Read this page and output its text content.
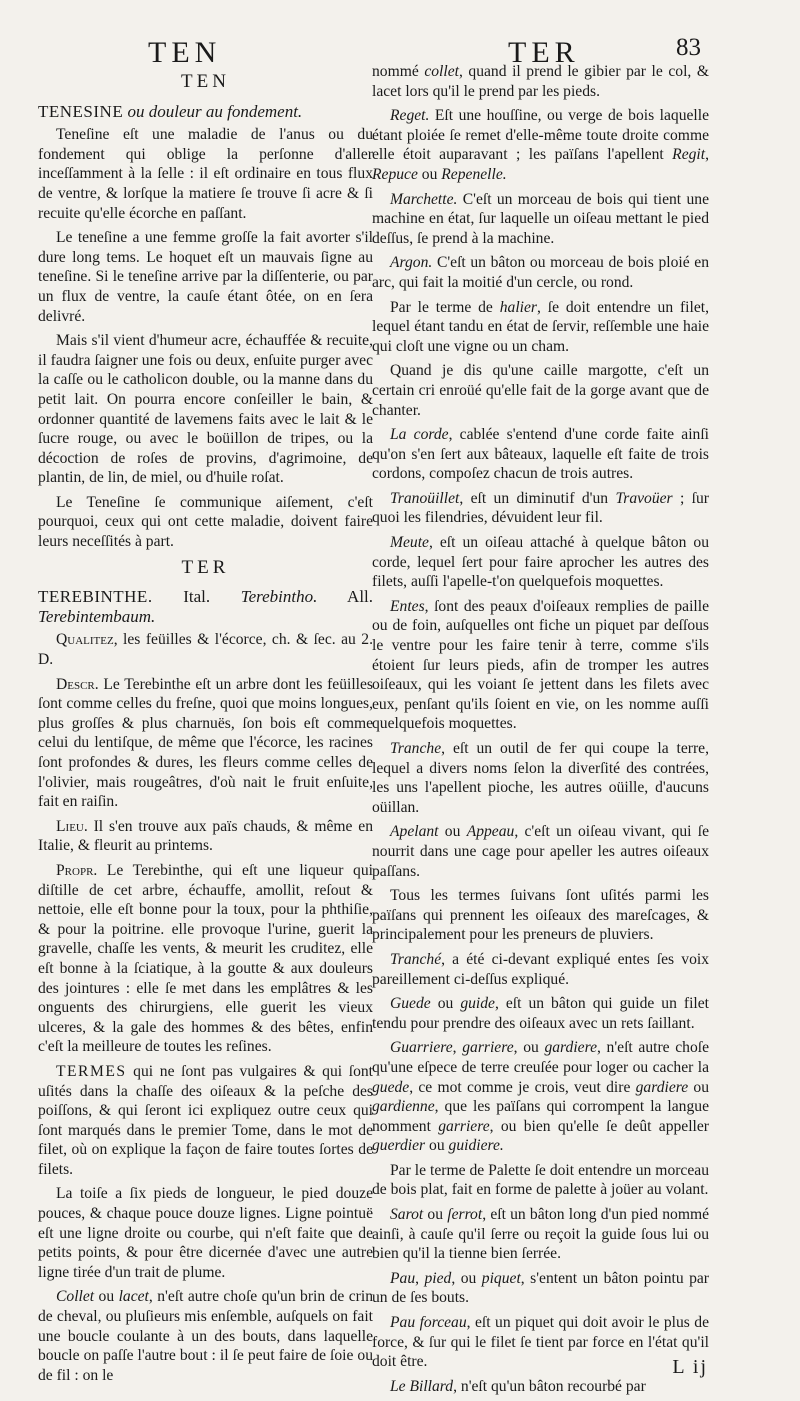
TEN	TER	83
TEN
TENESINE ou douleur au fondement.

Teneſine eſt une maladie de l'anus ou du fondement qui oblige la perſonne d'aller inceſſamment à la ſelle : il eſt ordinaire en tous flux de ventre, & lorſque la matiere ſe trouve ſi acre & ſi recuite qu'elle écorche en paſſant.

Le teneſine a une femme groſſe la fait avorter s'il dure long tems. Le hoquet eſt un mauvais ſigne au teneſine. Si le teneſine arrive par la diſſenterie, ou par un flux de ventre, la cauſe étant ôtée, on en ſera delivré.

Mais s'il vient d'humeur acre, échauffée & recuite, il faudra ſaigner une fois ou deux, enſuite purger avec la caſſe ou le catholicon double, ou la manne dans du petit lait. On pourra encore conſeiller le bain, & ordonner quantité de lavemens faits avec le lait & le ſucre rouge, ou avec le boüillon de tripes, ou la décoction de roſes de provins, d'agrimoine, de plantin, de lin, de miel, ou d'huile roſat.

Le Teneſine ſe communique aiſement, c'eſt pourquoi, ceux qui ont cette maladie, doivent faire leurs neceſſités à part.

TER
TEREBINTHE. Ital. Terebintho. All. Terebintembaum.

Qualitez, les feüilles & l'écorce, ch. & ſec. au 2. D.

Descr. Le Terebinthe eſt un arbre dont les feüilles ſont comme celles du freſne, quoi que moins longues, plus groſſes & plus charnuës, ſon bois eſt comme celui du lentiſque, de même que l'écorce, les racines ſont profondes & dures, les fleurs comme celles de l'olivier, mais rougeâtres, d'où nait le fruit enſuite, fait en raiſin.

Lieu. Il s'en trouve aux païs chauds, & même en Italie, & fleurit au printems.

Propr. Le Terebinthe, qui eſt une liqueur qui diſtille de cet arbre, échauffe, amollit, reſout & nettoie, elle eſt bonne pour la toux, pour la phthiſie, & pour la poitrine. elle provoque l'urine, guerit la gravelle, chaſſe les vents, & meurit les cruditez, elle eſt bonne à la ſciatique, à la goutte & aux douleurs des jointures : elle ſe met dans les emplâtres & les onguents des chirurgiens, elle guerit les vieux ulceres, & la gale des hommes & des bêtes, enfin c'eſt la meilleure de toutes les reſines.

TERMES qui ne ſont pas vulgaires & qui ſont uſités dans la chaſſe des oiſeaux & la peſche des poiſſons, & qui ſeront ici expliquez outre ceux qui ſont marqués dans le premier Tome, dans le mot de filet, où on explique la façon de faire toutes ſortes de filets.

La toiſe a ſix pieds de longueur, le pied douze pouces, & chaque pouce douze lignes. Ligne pointuë eſt une ligne droite ou courbe, qui n'eſt faite que de petits points, & pour être dicernée d'avec une autre ligne tirée d'un trait de plume.

Collet ou lacet, n'eſt autre choſe qu'un brin de crin de cheval, ou pluſieurs mis enſemble, auſquels on fait une boucle coulante à un des bouts, dans laquelle boucle on paſſe l'autre bout : il ſe peut faire de ſoie ou de fil : on le

nommé collet, quand il prend le gibier par le col, & lacet lors qu'il le prend par les pieds.

Reget. Eſt une houſſine, ou verge de bois laquelle étant ploiée ſe remet d'elle-même toute droite comme elle étoit auparavant ; les païſans l'apellent Regit, Repuce ou Repenelle.

Marchette. C'eſt un morceau de bois qui tient une machine en état, ſur laquelle un oiſeau mettant le pied deſſus, ſe prend à la machine.

Argon. C'eſt un bâton ou morceau de bois ploié en arc, qui fait la moitié d'un cercle, ou rond.

Par le terme de halier, ſe doit entendre un filet, lequel étant tandu en état de ſervir, reſſemble une haie qui cloſt une vigne ou un cham.

Quand je dis qu'une caille margotte, c'eſt un certain cri enroüé qu'elle fait de la gorge avant que de chanter.

La corde, cablée s'entend d'une corde faite ainſi qu'on s'en ſert aux bâteaux, laquelle eſt faite de trois cordons, compoſez chacun de trois autres.

Tranoüillet, eſt un diminutif d'un Travoüer ; ſur quoi les filendries, dévuident leur fil.

Meute, eſt un oiſeau attaché à quelque bâton ou corde, lequel ſert pour faire aprocher les autres des filets, auſſi l'apelle-t'on quelquefois moquettes.

Entes, ſont des peaux d'oiſeaux remplies de paille ou de foin, auſquelles ont fiche un piquet par deſſous le ventre pour les faire tenir à terre, comme s'ils étoient ſur leurs pieds, afin de tromper les autres oiſeaux, qui les voiant ſe jettent dans les filets avec eux, penſant qu'ils ſoient en vie, on les nomme auſſi quelquefois moquettes.

Tranche, eſt un outil de fer qui coupe la terre, lequel a divers noms ſelon la diverſité des contrées, les uns l'apellent pioche, les autres oüille, d'aucuns oüillan.

Apelant ou Appeau, c'eſt un oiſeau vivant, qui ſe nourrit dans une cage pour apeller les autres oiſeaux paſſans.

Tous les termes ſuivans ſont uſités parmi les païſans qui prennent les oiſeaux des mareſcages, & principalement pour les preneurs de pluviers.

Tranché, a été ci-devant expliqué entes ſes voix pareillement ci-deſſus expliqué.

Guede ou guide, eſt un bâton qui guide un filet tendu pour prendre des oiſeaux avec un rets ſaillant.

Guarriere, garriere, ou gardiere, n'eſt autre choſe qu'une eſpece de terre creuſée pour loger ou cacher la guede, ce mot comme je crois, veut dire gardiere ou gardienne, que les païſans qui corrompent la langue nomment garriere, ou bien qu'elle ſe deût appeller guerdier ou guidiere.

Par le terme de Palette ſe doit entendre un morceau de bois plat, fait en forme de palette à joüer au volant.

Sarot ou ſerrot, eſt un bâton long d'un pied nommé ainſi, à cauſe qu'il ſerre ou reçoit la guide ſous lui ou bien qu'il la tienne bien ſerrée.

Pau, pied, ou piquet, s'entent un bâton pointu par un de ſes bouts.

Pau forceau, eſt un piquet qui doit avoir le plus de force, & ſur qui le filet ſe tient par force en l'état qu'il doit être.

Le Billard, n'eſt qu'un bâton recourbé par

L ij
